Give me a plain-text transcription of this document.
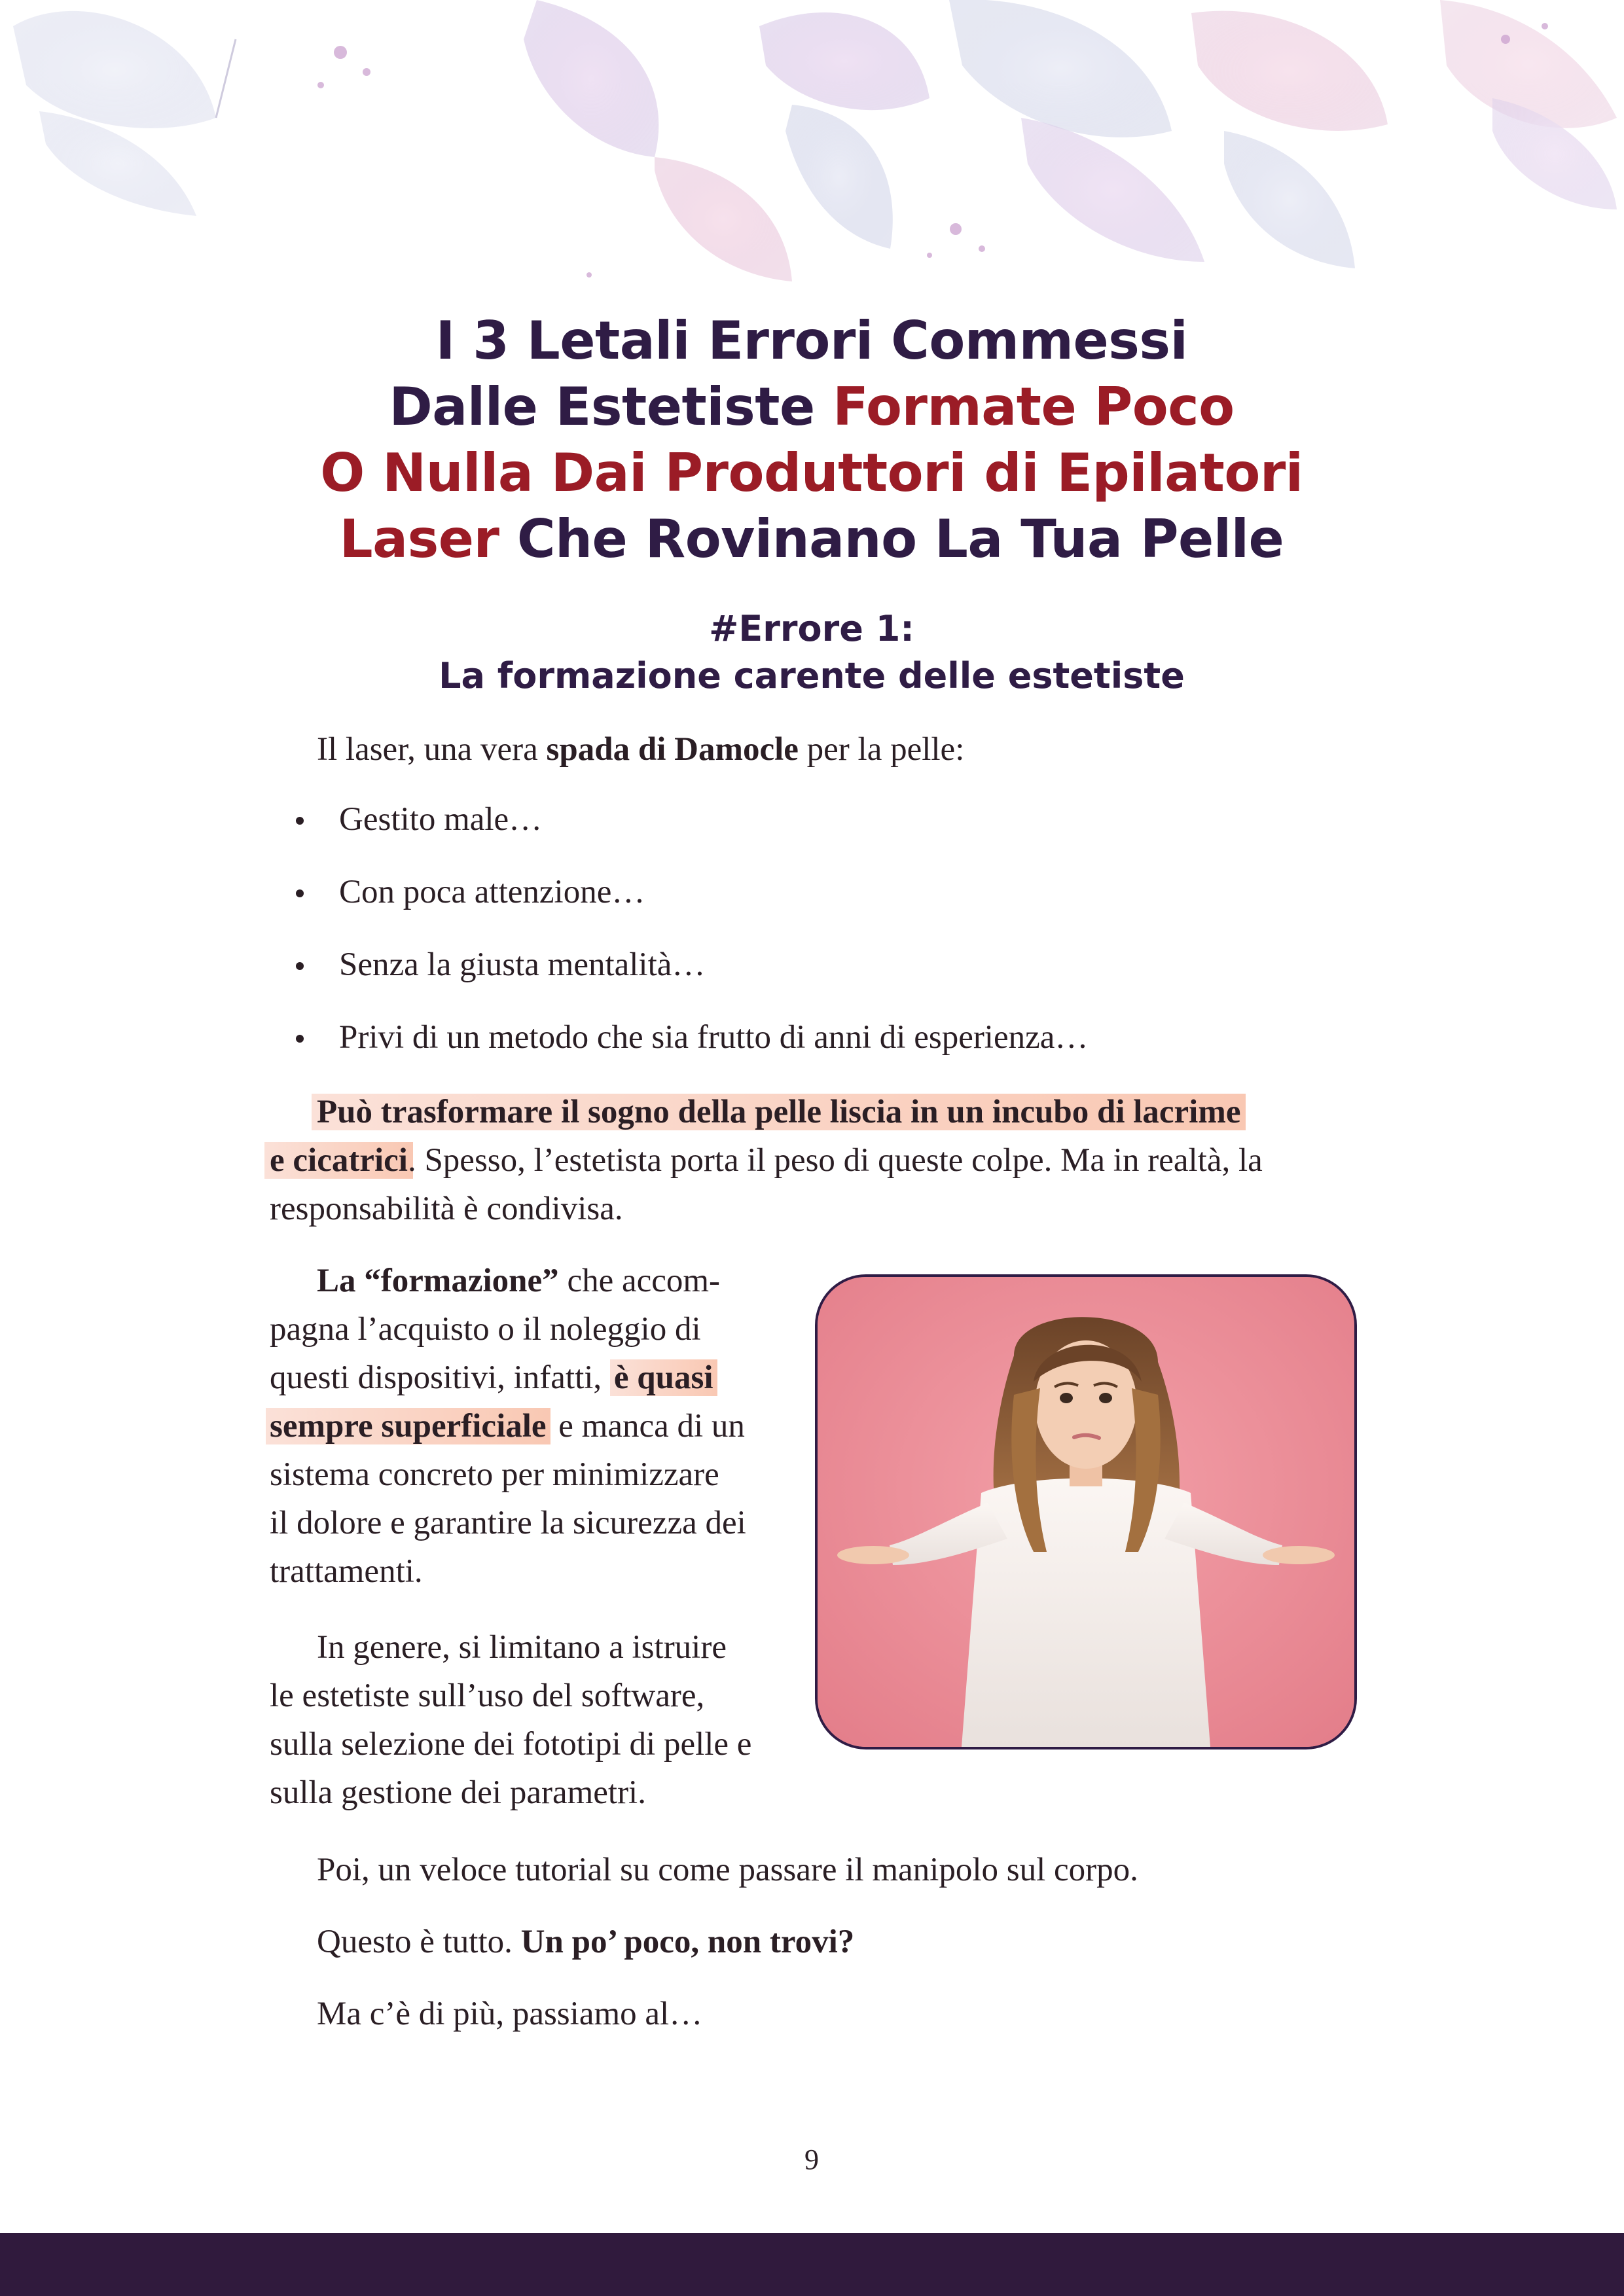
I 3 Letali Errori Commessi
Dalle Estetiste Formate Poco
O Nulla Dai Produttori di Epilatori
Laser Che Rovinano La Tua Pelle
#Errore 1:
La formazione carente delle estetiste

Il laser, una vera spada di Damocle per la pelle:

Gestito male…
Con poca attenzione…
Senza la giusta mentalità…
Privi di un metodo che sia frutto di anni di esperienza…
Può trasformare il sogno della pelle liscia in un incubo di lacrime
e cicatrici. Spesso, l’estetista porta il peso di queste colpe. Ma in realtà, la
responsabilità è condivisa.
La “formazione” che accom-
pagna l’acquisto o il noleggio di
questi dispositivi, infatti, è quasi
sempre superficiale e manca di un
sistema concreto per minimizzare
il dolore e garantire la sicurezza dei
trattamenti.
In genere, si limitano a istruire
le estetiste sull’uso del software,
sulla selezione dei fototipi di pelle e
sulla gestione dei parametri.

Poi, un veloce tutorial su come passare il manipolo sul corpo.

Questo è tutto. Un po’ poco, non trovi?

Ma c’è di più, passiamo al…

9
